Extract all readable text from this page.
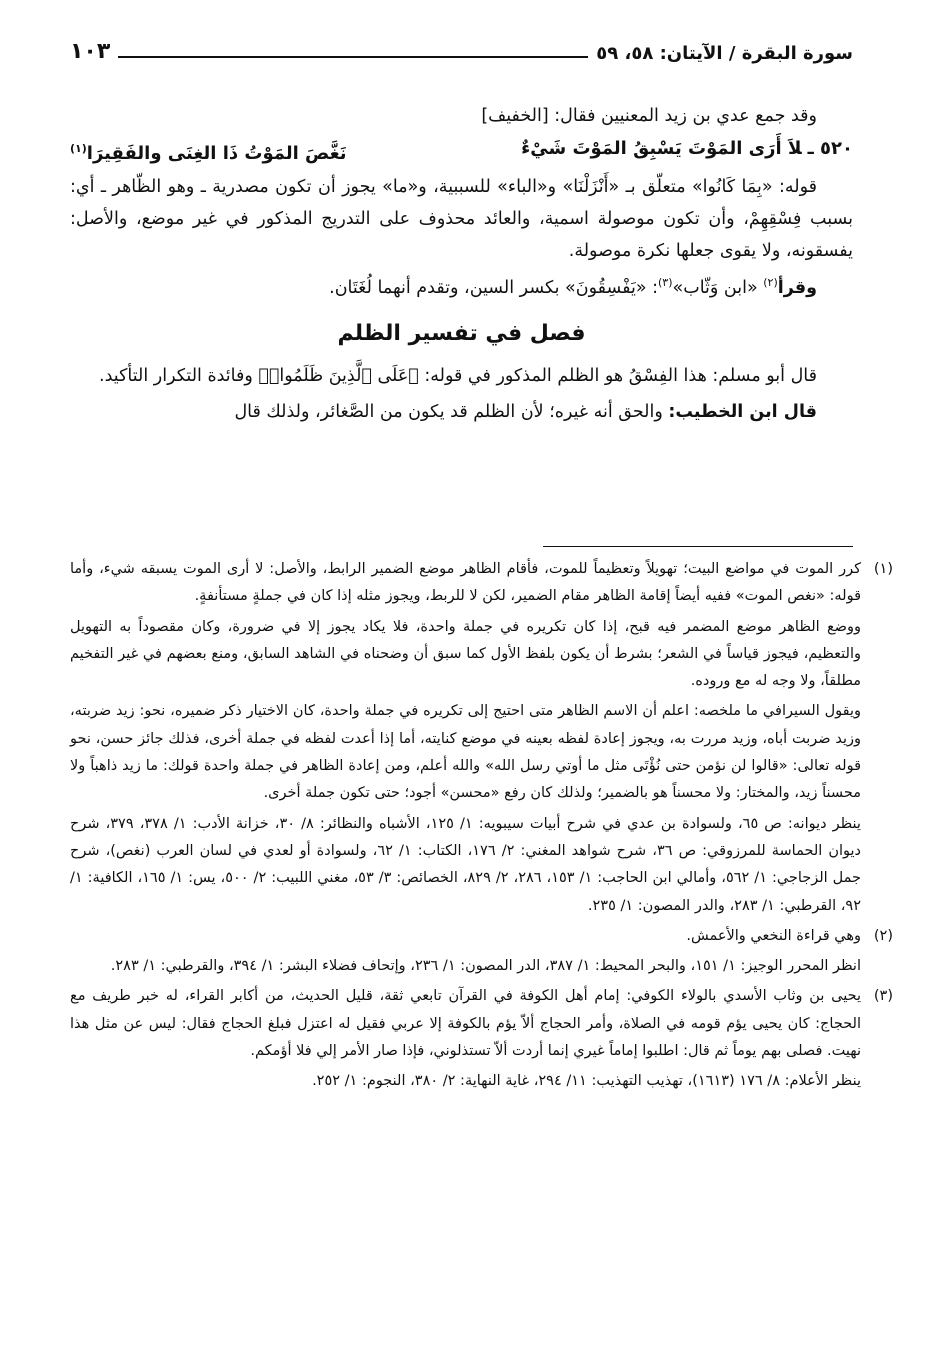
سورة البقرة / الآيتان: ٥٨، ٥٩
١٠٣

وقد جمع عدي بن زيد المعنيين فقال: [الخفيف]

٥٢٠ ـلاَ أَرَى المَوْتَ يَسْبِقُ المَوْتَ شَيْءٌ
نَغَّصَ المَوْتُ ذَا الغِنَى والفَقِيرَا$^{(١)}$

قوله: «بِمَا كَانُوا» متعلّق بـ «أَنْزَلْنَا» و«الباء» للسببية، و«ما» يجوز أن تكون مصدرية ـ وهو الظّاهر ـ أي: بسبب فِسْقِهِمْ، وأن تكون موصولة اسمية، والعائد محذوف على التدريج المذكور في غير موضع، والأصل: يفسقونه، ولا يقوى جعلها نكرة موصولة.

وقرأ$^{(٢)}$ «ابن وَثّاب»$^{(٣)}$: «يَفْسِقُونَ» بكسر السين، وتقدم أنهما لُغَتَان.

فصل في تفسير الظلم

قال أبو مسلم: هذا الفِسْقُ هو الظلم المذكور في قوله: ﴿عَلَى ٱلَّذِينَ ظَلَمُوا۟﴾ وفائدة التكرار التأكيد.

قال ابن الخطيب: والحق أنه غيره؛ لأن الظلم قد يكون من الصَّغائر، ولذلك قال

(١)

كرر الموت في مواضع البيت؛ تهويلاً وتعظيماً للموت، فأقام الظاهر موضع الضمير الرابط، والأصل: لا أرى الموت يسبقه شيء، وأما قوله: «نغص الموت» ففيه أيضاً إقامة الظاهر مقام الضمير، لكن لا للربط، ويجوز مثله إذا كان في جملةٍ مستأنفةٍ.

ووضع الظاهر موضع المضمر فيه قبح، إذا كان تكريره في جملة واحدة، فلا يكاد يجوز إلا في ضرورة، وكان مقصوداً به التهويل والتعظيم، فيجوز قياساً في الشعر؛ بشرط أن يكون بلفظ الأول كما سبق أن وضحناه في الشاهد السابق، ومنع بعضهم في غير التفخيم مطلقاً، ولا وجه له مع وروده.

ويقول السيرافي ما ملخصه: اعلم أن الاسم الظاهر متى احتيج إلى تكريره في جملة واحدة، كان الاختيار ذكر ضميره، نحو: زيد ضربته، وزيد ضربت أباه، وزيد مررت به، ويجوز إعادة لفظه بعينه في موضع كنايته، أما إذا أعدت لفظه في جملة أخرى، فذلك جائز حسن، نحو قوله تعالى: «قالوا لن نؤمن حتى نُؤْتَى مثل ما أوتي رسل الله» والله أعلم، ومن إعادة الظاهر في جملة واحدة قولك: ما زيد ذاهباً ولا محسناً زيد، والمختار: ولا محسناً هو بالضمير؛ ولذلك كان رفع «محسن» أجود؛ حتى تكون جملة أخرى.

ينظر ديوانه: ص ٦٥، ولسوادة بن عدي في شرح أبيات سيبويه: ١/ ١٢٥، الأشباه والنظائر: ٨/ ٣٠، خزانة الأدب: ١/ ٣٧٨، ٣٧٩، شرح ديوان الحماسة للمرزوقي: ص ٣٦، شرح شواهد المغني: ٢/ ١٧٦، الكتاب: ١/ ٦٢، ولسوادة أو لعدي في لسان العرب (نغص)، شرح جمل الزجاجي: ١/ ٥٦٢، وأمالي ابن الحاجب: ١/ ١٥٣، ٢٨٦، ٢/ ٨٢٩، الخصائص: ٣/ ٥٣، مغني اللبيب: ٢/ ٥٠٠، يس: ١/ ١٦٥، الكافية: ١/ ٩٢، القرطبي: ١/ ٢٨٣، والدر المصون: ١/ ٢٣٥.

(٢)

وهي قراءة النخعي والأعمش.

انظر المحرر الوجيز: ١/ ١٥١، والبحر المحيط: ١/ ٣٨٧، الدر المصون: ١/ ٢٣٦، وإتحاف فضلاء البشر: ١/ ٣٩٤، والقرطبي: ١/ ٢٨٣.

(٣)

يحيى بن وثاب الأسدي بالولاء الكوفي: إمام أهل الكوفة في القرآن تابعي ثقة، قليل الحديث، من أكابر القراء، له خبر طريف مع الحجاج: كان يحيى يؤم قومه في الصلاة، وأمر الحجاج ألاّ يؤم بالكوفة إلا عربي فقيل له اعتزل فبلغ الحجاج فقال: ليس عن مثل هذا نهيت. فصلى بهم يوماً ثم قال: اطلبوا إماماً غيري إنما أردت ألاّ تستذلوني، فإذا صار الأمر إلي فلا أؤمكم.

ينظر الأعلام: ٨/ ١٧٦ (١٦١٣)، تهذيب التهذيب: ١١/ ٢٩٤، غاية النهاية: ٢/ ٣٨٠، النجوم: ١/ ٢٥٢.
